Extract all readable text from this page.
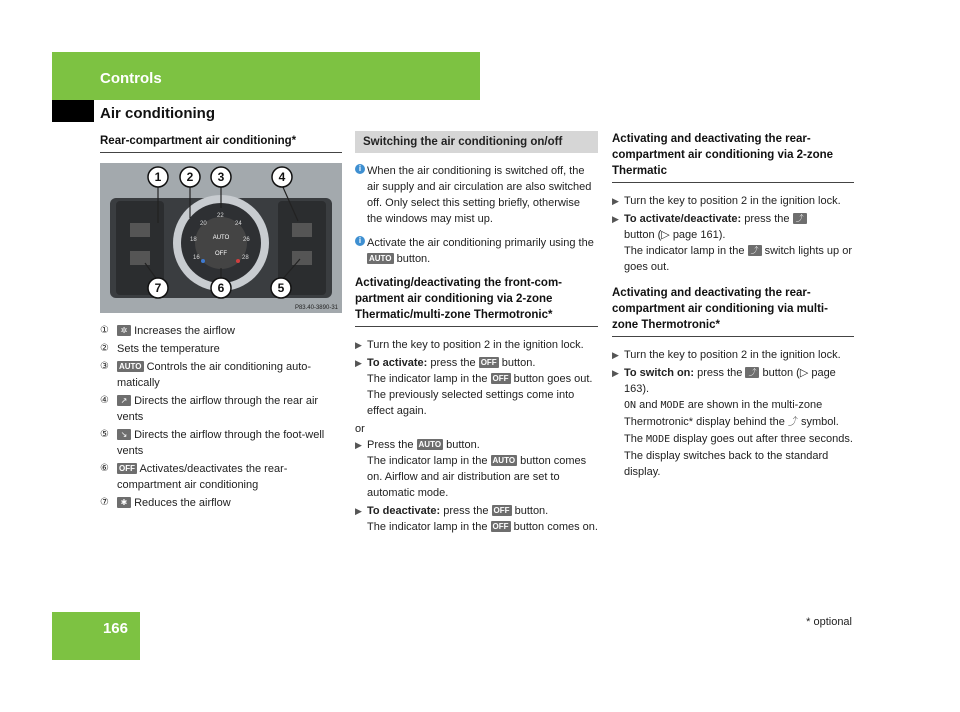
Controls
Air conditioning
Rear-compartment air conditioning*
AUTO
OFF
20
22
24
18	26
16	28
1 2 3	4
5
6
7
P83.40-3890-31
① ✲ Increases the airflow
② Sets the temperature
③ AUTO Controls the air conditioning auto-matically
④ ↗ Directs the airflow through the rear air vents
⑤ ↘ Directs the airflow through the foot-well vents
⑥ OFF Activates/deactivates the rear-compartment air conditioning
⑦ ✱ Reduces the airflow
Switching the air conditioning on/off
i When the air conditioning is switched off, the air supply and air circulation are also switched off. Only select this setting briefly, otherwise the windows may mist up.
i Activate the air conditioning primarily using the AUTO button.
Activating/deactivating the front-com-partment air conditioning via 2-zone Thermatic/multi-zone Thermotronic*
▶ Turn the key to position 2 in the ignition lock.
▶ To activate: press the OFF button.
The indicator lamp in the OFF button goes out. The previously selected settings come into effect again.
or
▶ Press the AUTO button.
The indicator lamp in the AUTO button comes on. Airflow and air distribution are set to automatic mode.
▶ To deactivate: press the OFF button.
The indicator lamp in the OFF button comes on.
Activating and deactivating the rear-compartment air conditioning via 2-zone Thermatic
▶ Turn the key to position 2 in the ignition lock.
▶ To activate/deactivate: press the ⤴
button (▷ page 161).
The indicator lamp in the ⤴ switch lights up or goes out.
Activating and deactivating the rear-compartment air conditioning via multi-zone Thermotronic*
▶ Turn the key to position 2 in the ignition lock.
▶ To switch on: press the ⤴ button (▷ page 163).
ON and MODE are shown in the multi-zone Thermotronic* display behind the ⤴ symbol. The MODE display goes out after three seconds. The display switches back to the standard display.
166	* optional
